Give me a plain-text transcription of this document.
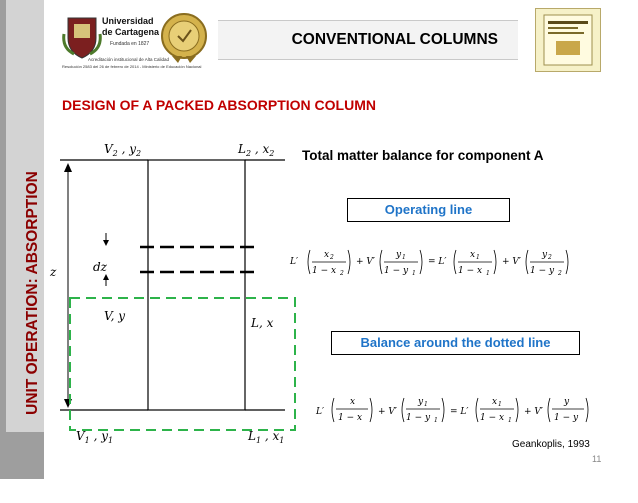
UNIT OPERATION: ABSORPTION
Universidad
de Cartagena
Fundada en 1827
Acreditación institucional de Alta Calidad
Resolución 2583 del 26 de febrero de 2014 - Ministerio de Educación Nacional
CONVENTIONAL COLUMNS
DESIGN OF A PACKED ABSORPTION COLUMN
$V_2$ , $y_2$	$L_2$ , $x_2$
z	dz
V, y	L, x
$V_1$ , $y_1$	$L_1$ , $x_1$
L′
x 2
1 − x 2
+ V′
y 1
1 − y 1
= L′
x 1
1 − x 1
+ V′
y 2
1 − y 2
L′
x
1 − x
+ V′
y 1
1 − y 1
= L′
x 1
1 − x 1
+ V′
y
1 − y
Total matter balance for component A
Operating line
Balance around the dotted line
Geankoplis, 1993
11
